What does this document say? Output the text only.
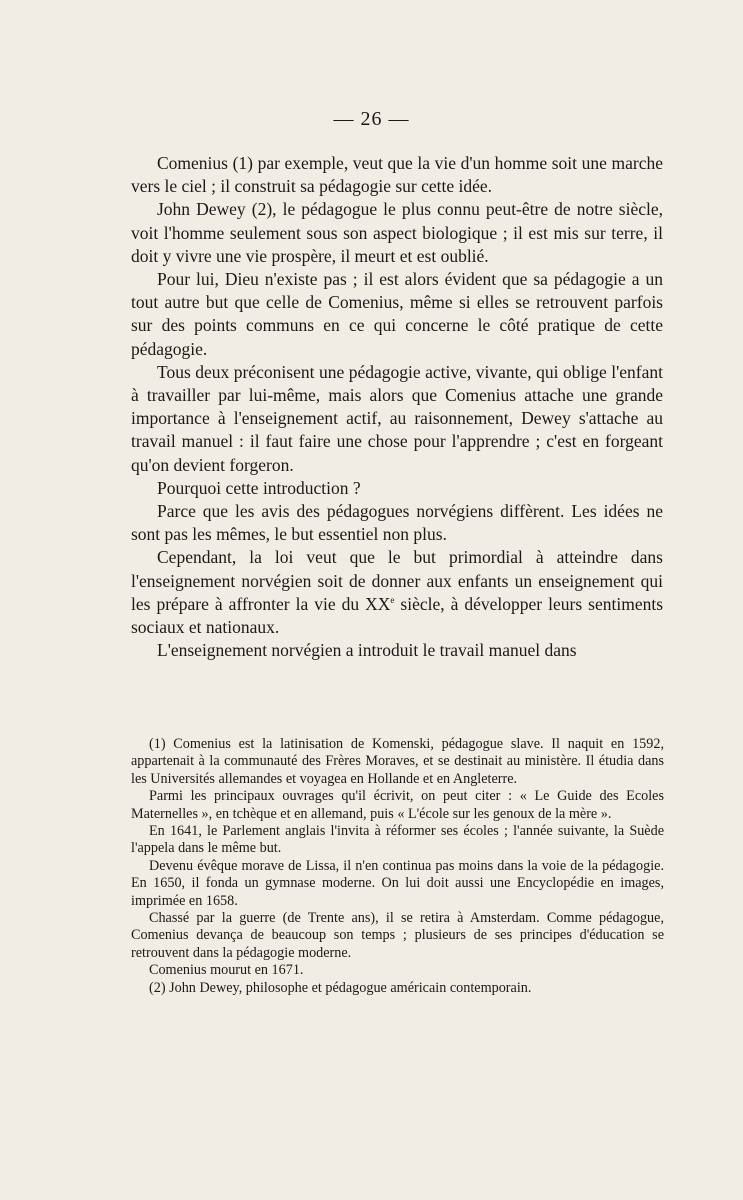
— 26 —

Comenius (1) par exemple, veut que la vie d'un homme soit une marche vers le ciel ; il construit sa pédagogie sur cette idée.

John Dewey (2), le pédagogue le plus connu peut-être de notre siècle, voit l'homme seulement sous son aspect biologique ; il est mis sur terre, il doit y vivre une vie prospère, il meurt et est oublié.

Pour lui, Dieu n'existe pas ; il est alors évident que sa pédagogie a un tout autre but que celle de Comenius, même si elles se retrouvent parfois sur des points communs en ce qui concerne le côté pratique de cette pédagogie.

Tous deux préconisent une pédagogie active, vivante, qui oblige l'enfant à travailler par lui-même, mais alors que Comenius attache une grande importance à l'enseignement actif, au raisonnement, Dewey s'attache au travail manuel : il faut faire une chose pour l'apprendre ; c'est en forgeant qu'on devient forgeron.

Pourquoi cette introduction ?

Parce que les avis des pédagogues norvégiens diffèrent. Les idées ne sont pas les mêmes, le but essentiel non plus.

Cependant, la loi veut que le but primordial à atteindre dans l'enseignement norvégien soit de donner aux enfants un enseignement qui les prépare à affronter la vie du XXe siècle, à développer leurs sentiments sociaux et nationaux.

L'enseignement norvégien a introduit le travail manuel dans

(1) Comenius est la latinisation de Komenski, pédagogue slave. Il naquit en 1592, appartenait à la communauté des Frères Moraves, et se destinait au ministère. Il étudia dans les Universités allemandes et voyagea en Hollande et en Angleterre.

Parmi les principaux ouvrages qu'il écrivit, on peut citer : « Le Guide des Ecoles Maternelles », en tchèque et en allemand, puis « L'école sur les genoux de la mère ».

En 1641, le Parlement anglais l'invita à réformer ses écoles ; l'année suivante, la Suède l'appela dans le même but.

Devenu évêque morave de Lissa, il n'en continua pas moins dans la voie de la pédagogie. En 1650, il fonda un gymnase moderne. On lui doit aussi une Encyclopédie en images, imprimée en 1658.

Chassé par la guerre (de Trente ans), il se retira à Amsterdam. Comme pédagogue, Comenius devança de beaucoup son temps ; plusieurs de ses principes d'éducation se retrouvent dans la pédagogie moderne.

Comenius mourut en 1671.

(2) John Dewey, philosophe et pédagogue américain contemporain.
